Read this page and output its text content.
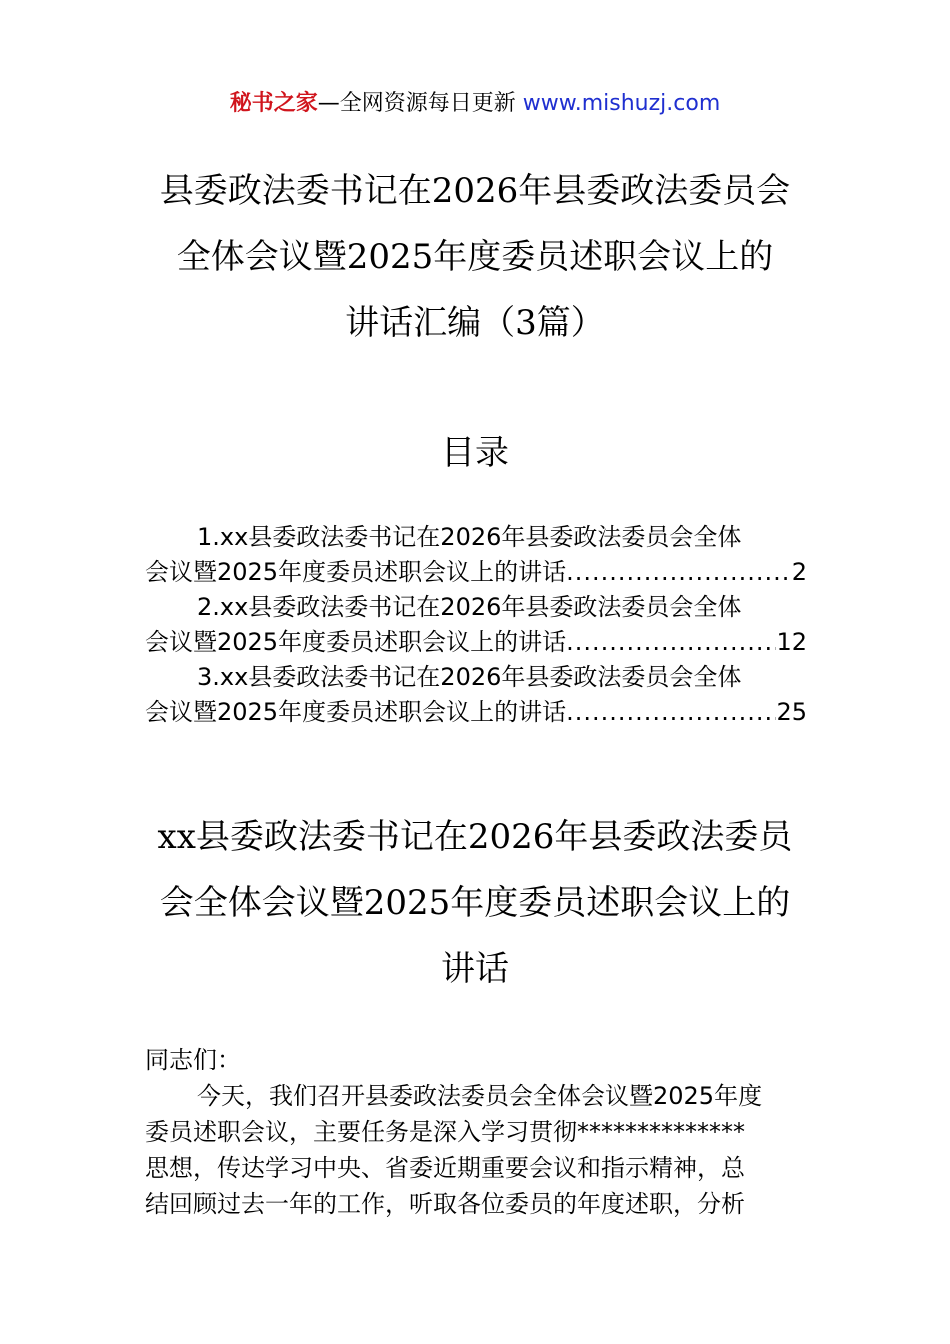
秘书之家—全网资源每日更新 www.mishuzj.com
县委政法委书记在2026年县委政法委员会
全体会议暨2025年度委员述职会议上的
讲话汇编（3篇）
目录
1.xx县委政法委书记在2026年县委政法委员会全体
会议暨2025年度委员述职会议上的讲话 .....	2
2.xx县委政法委书记在2026年县委政法委员会全体
会议暨2025年度委员述职会议上的讲话 .....	12
3.xx县委政法委书记在2026年县委政法委员会全体
会议暨2025年度委员述职会议上的讲话 .....	25
xx县委政法委书记在2026年县委政法委员
会全体会议暨2025年度委员述职会议上的
讲话

同志们：

今天，我们召开县委政法委员会全体会议暨2025年度
委员述职会议，主要任务是深入学习贯彻**************
思想，传达学习中央、省委近期重要会议和指示精神，总
结回顾过去一年的工作，听取各位委员的年度述职，分析
